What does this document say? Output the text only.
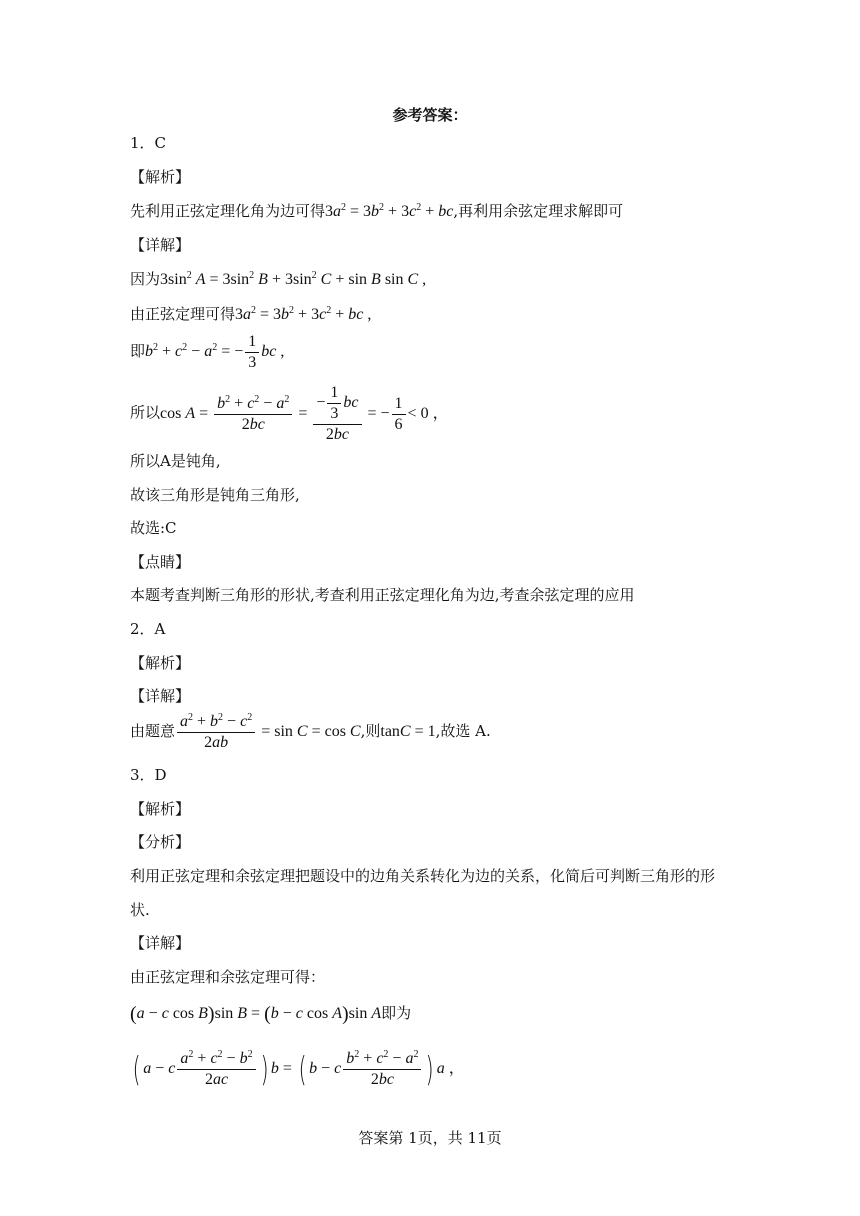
参考答案：
1．C
【解析】
先利用正弦定理化角为边可得$3a^2 = 3b^2 + 3c^2$ + bc,再利用余弦定理求解即可
【详解】
因为$3\sin^2$ $A = 3\sin^2$ $B + 3\sin^2$ C + sin B sin C ,
由正弦定理可得$3a^2 = 3b^2 + 3c^2$ + bc ,
即$b^2 + c^2 - a^2$ = − $\frac{1}{3}$ bc ,
所以$\cos A = \frac{b^2 + c^2 - a^2}{2bc} = \frac{- \frac{1}{3} bc}{2bc}$ = − $\frac{1}{6} < 0$ ，
所以A是钝角,
故该三角形是钝角三角形,
故选:C
【点睛】
本题考查判断三角形的形状,考查利用正弦定理化角为边,考查余弦定理的应用
2．A
【解析】
【详解】
由题意 $\frac{a^2 + b^2 - c^2}{2ab} = \sin C = \cos C$,则tanC = 1,故选 A.
3．D
【解析】
【分析】
利用正弦定理和余弦定理把题设中的边角关系转化为边的关系，化简后可判断三角形的形
状.
【详解】
由正弦定理和余弦定理可得：
(a − c cos B)sin B = (b − c cos A)sin A即为
( a − c $\frac{a^2 + c^2 - b^2}{2ac}$ ) b = ( b − c $\frac{b^2 + c^2 - a^2}{2bc}$ ) a ，
答案第 1页，共 11页
